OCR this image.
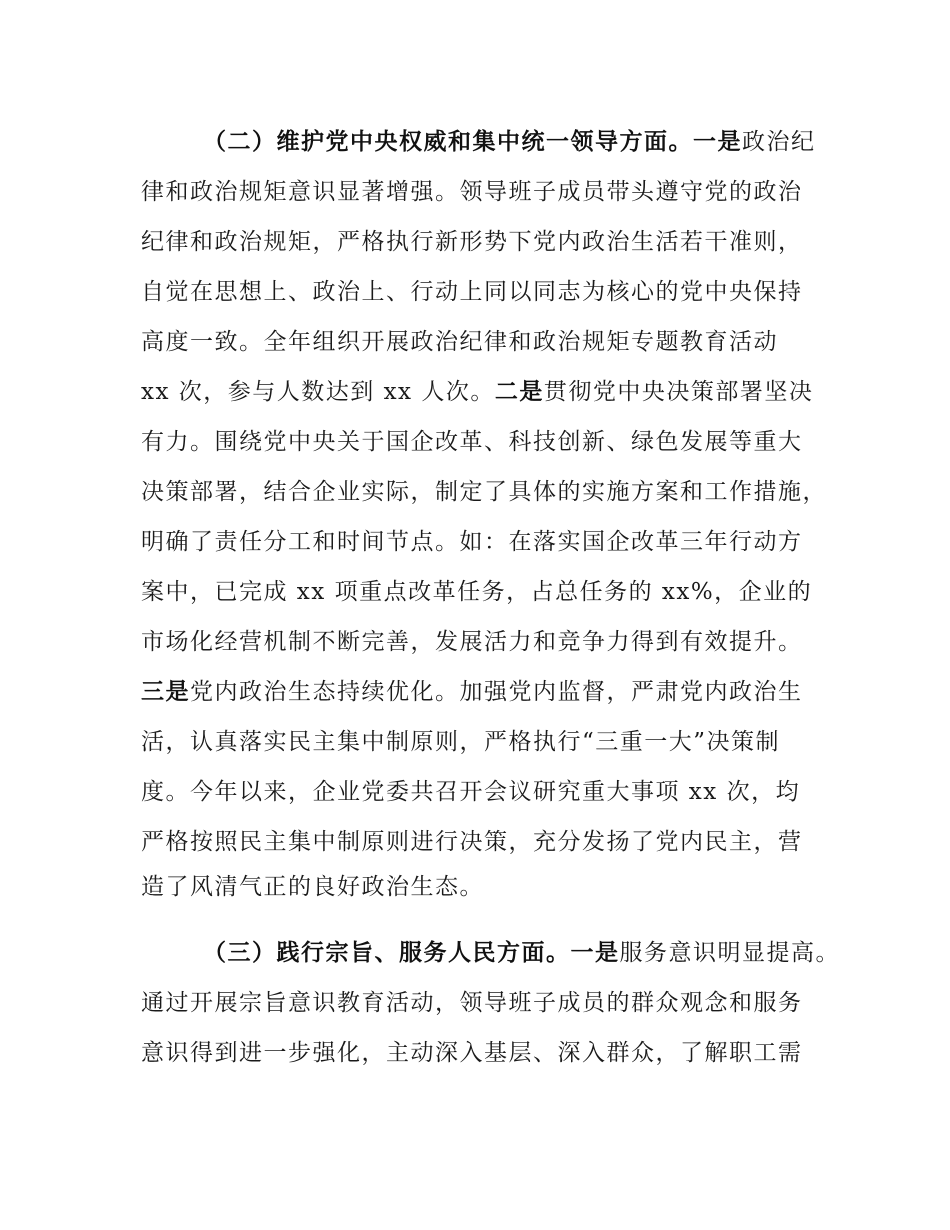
（二）维护党中央权威和集中统一领导方面。一是政治纪
律和政治规矩意识显著增强。领导班子成员带头遵守党的政治
纪律和政治规矩，严格执行新形势下党内政治生活若干准则，
自觉在思想上、政治上、行动上同以同志为核心的党中央保持
高度一致。全年组织开展政治纪律和政治规矩专题教育活动
xx 次，参与人数达到 xx 人次。二是贯彻党中央决策部署坚决
有力。围绕党中央关于国企改革、科技创新、绿色发展等重大
决策部署，结合企业实际，制定了具体的实施方案和工作措施，
明确了责任分工和时间节点。如：在落实国企改革三年行动方
案中，已完成 xx 项重点改革任务，占总任务的 xx%，企业的
市场化经营机制不断完善，发展活力和竞争力得到有效提升。
三是党内政治生态持续优化。加强党内监督，严肃党内政治生
活，认真落实民主集中制原则，严格执行“三重一大”决策制
度。今年以来，企业党委共召开会议研究重大事项 xx 次，均
严格按照民主集中制原则进行决策，充分发扬了党内民主，营
造了风清气正的良好政治生态。
（三）践行宗旨、服务人民方面。一是服务意识明显提高。
通过开展宗旨意识教育活动，领导班子成员的群众观念和服务
意识得到进一步强化，主动深入基层、深入群众，了解职工需
